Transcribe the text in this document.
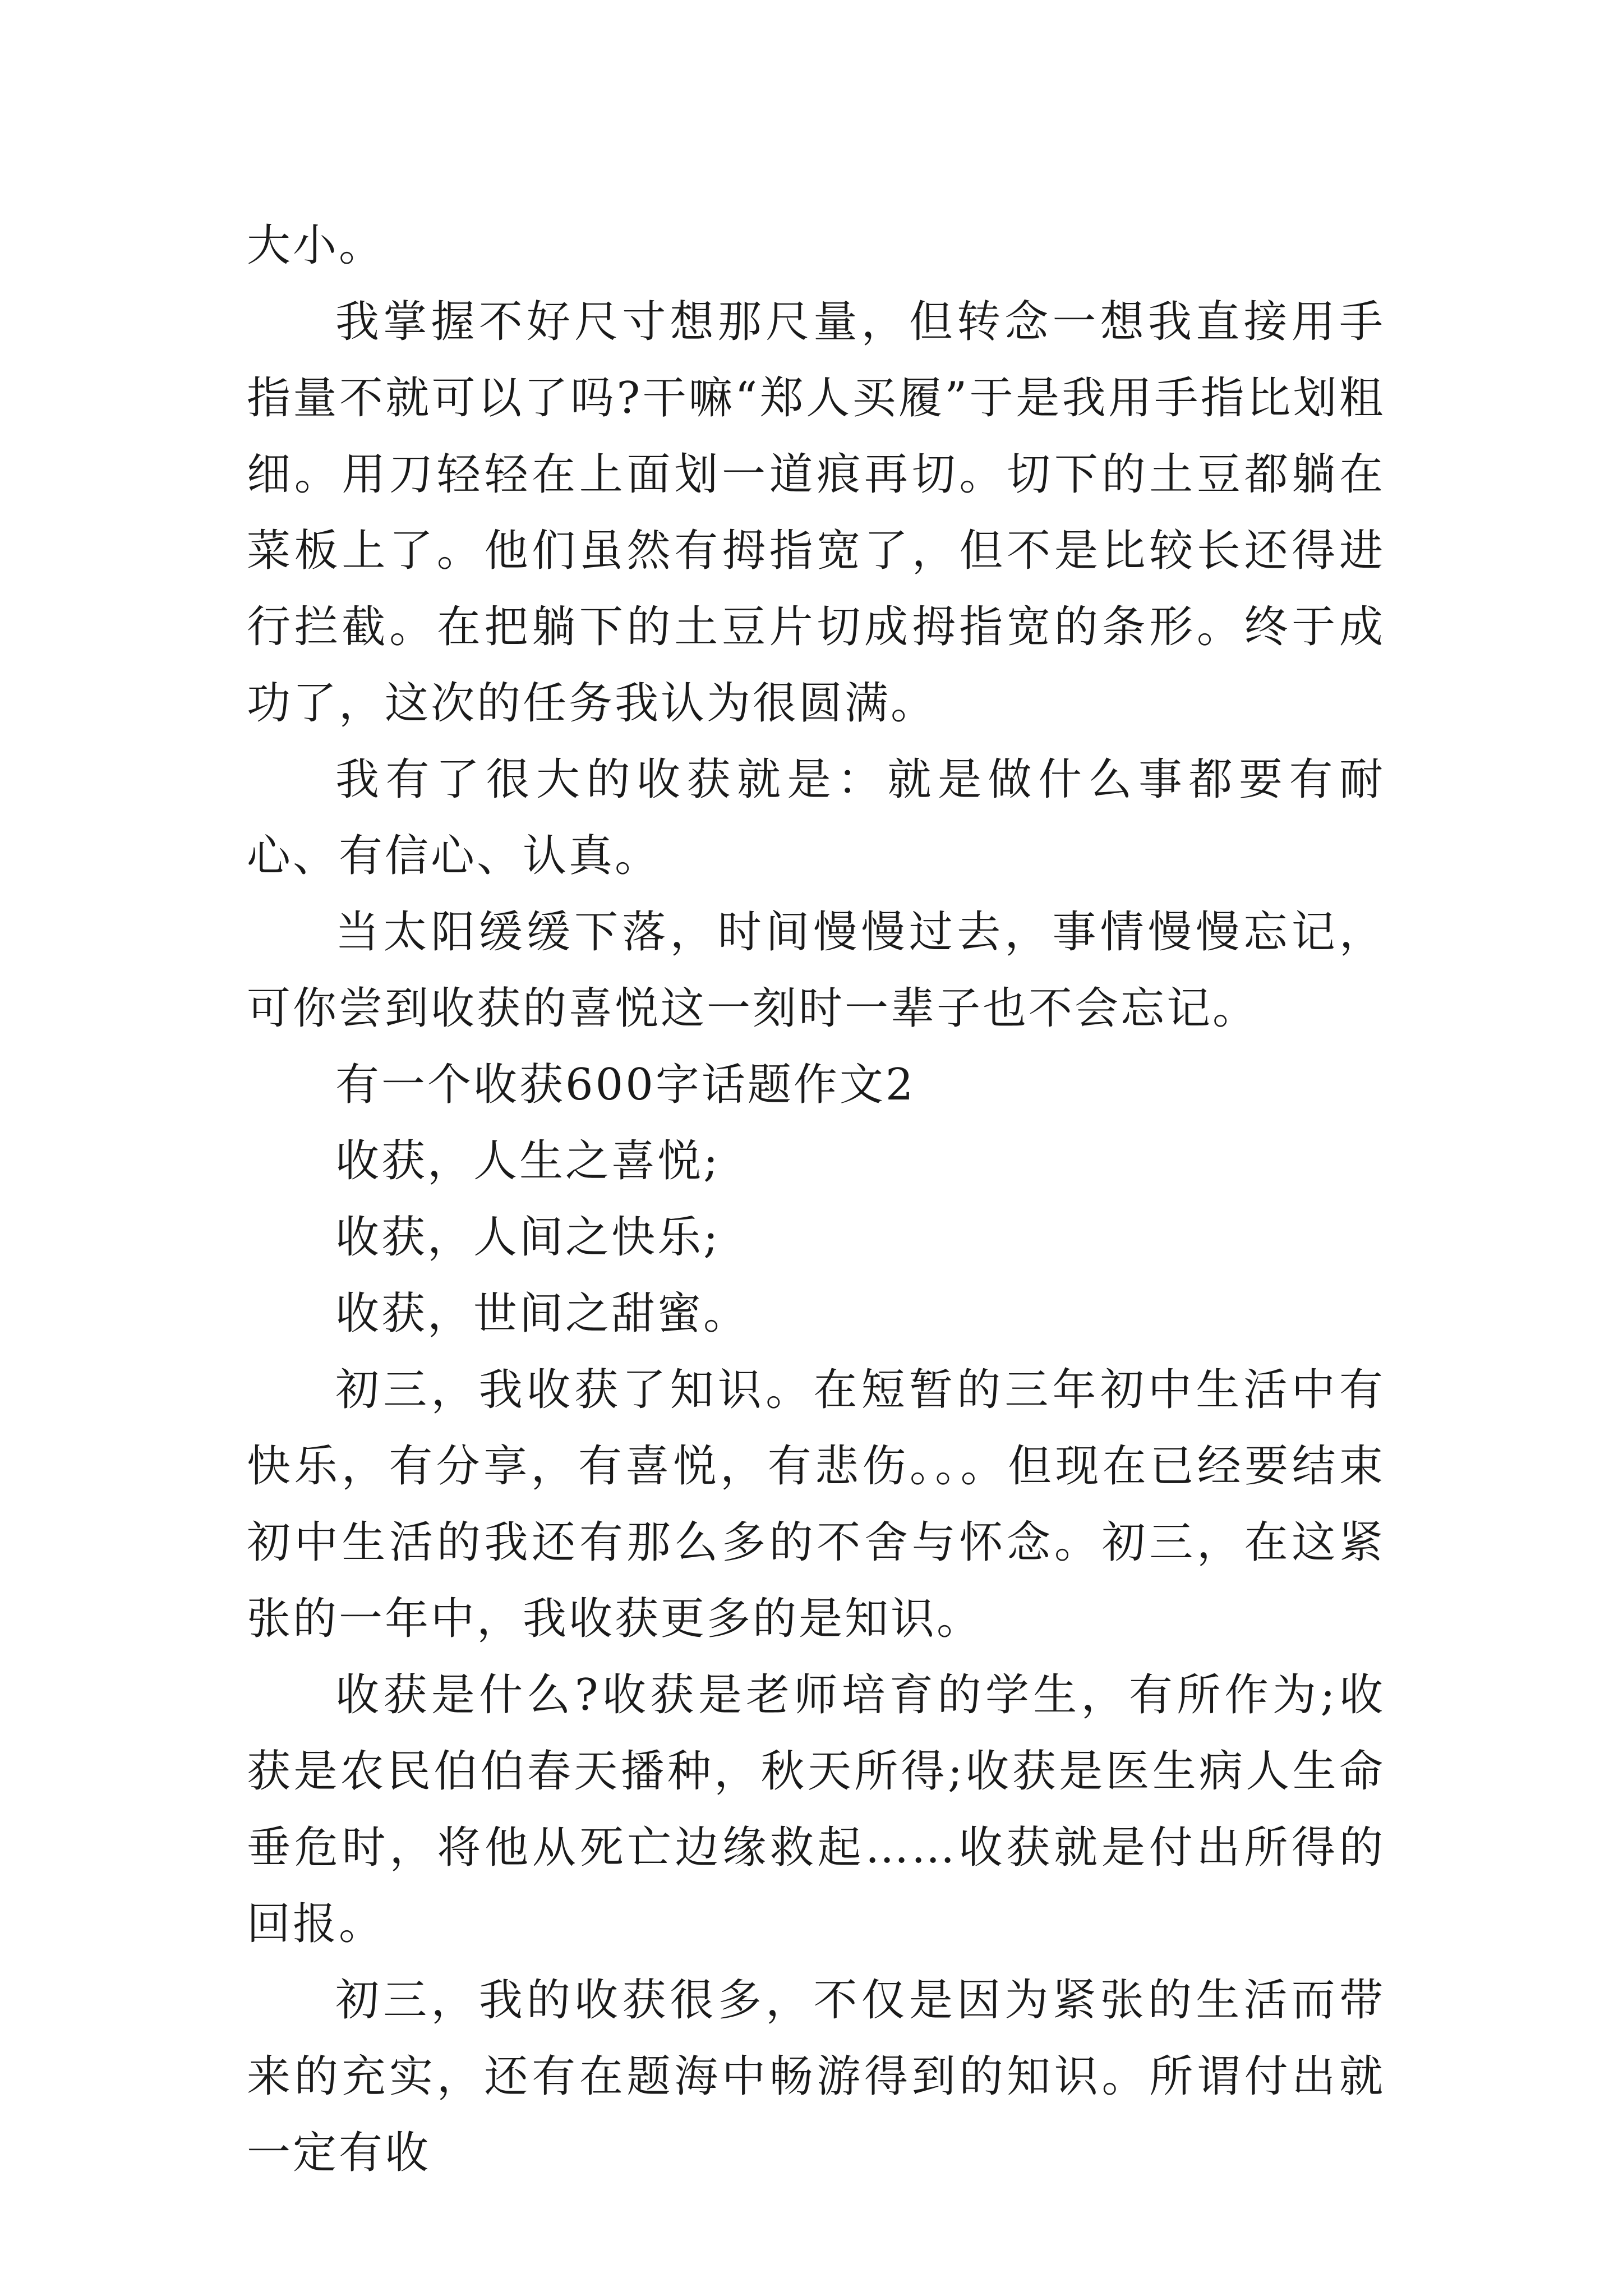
大小。

我掌握不好尺寸想那尺量，但转念一想我直接用手指量不就可以了吗?干嘛“郑人买履”于是我用手指比划粗细。用刀轻轻在上面划一道痕再切。切下的土豆都躺在菜板上了。他们虽然有拇指宽了，但不是比较长还得进行拦截。在把躺下的土豆片切成拇指宽的条形。终于成功了，这次的任务我认为很圆满。

我有了很大的收获就是：就是做什么事都要有耐心、有信心、认真。

当太阳缓缓下落，时间慢慢过去，事情慢慢忘记，可你尝到收获的喜悦这一刻时一辈子也不会忘记。

有一个收获600字话题作文2

收获，人生之喜悦;

收获，人间之快乐;

收获，世间之甜蜜。

初三，我收获了知识。在短暂的三年初中生活中有快乐，有分享，有喜悦，有悲伤。。。但现在已经要结束初中生活的我还有那么多的不舍与怀念。初三，在这紧张的一年中，我收获更多的是知识。

收获是什么?收获是老师培育的学生，有所作为;收获是农民伯伯春天播种，秋天所得;收获是医生病人生命垂危时，将他从死亡边缘救起……收获就是付出所得的回报。

初三，我的收获很多，不仅是因为紧张的生活而带来的充实，还有在题海中畅游得到的知识。所谓付出就一定有收
